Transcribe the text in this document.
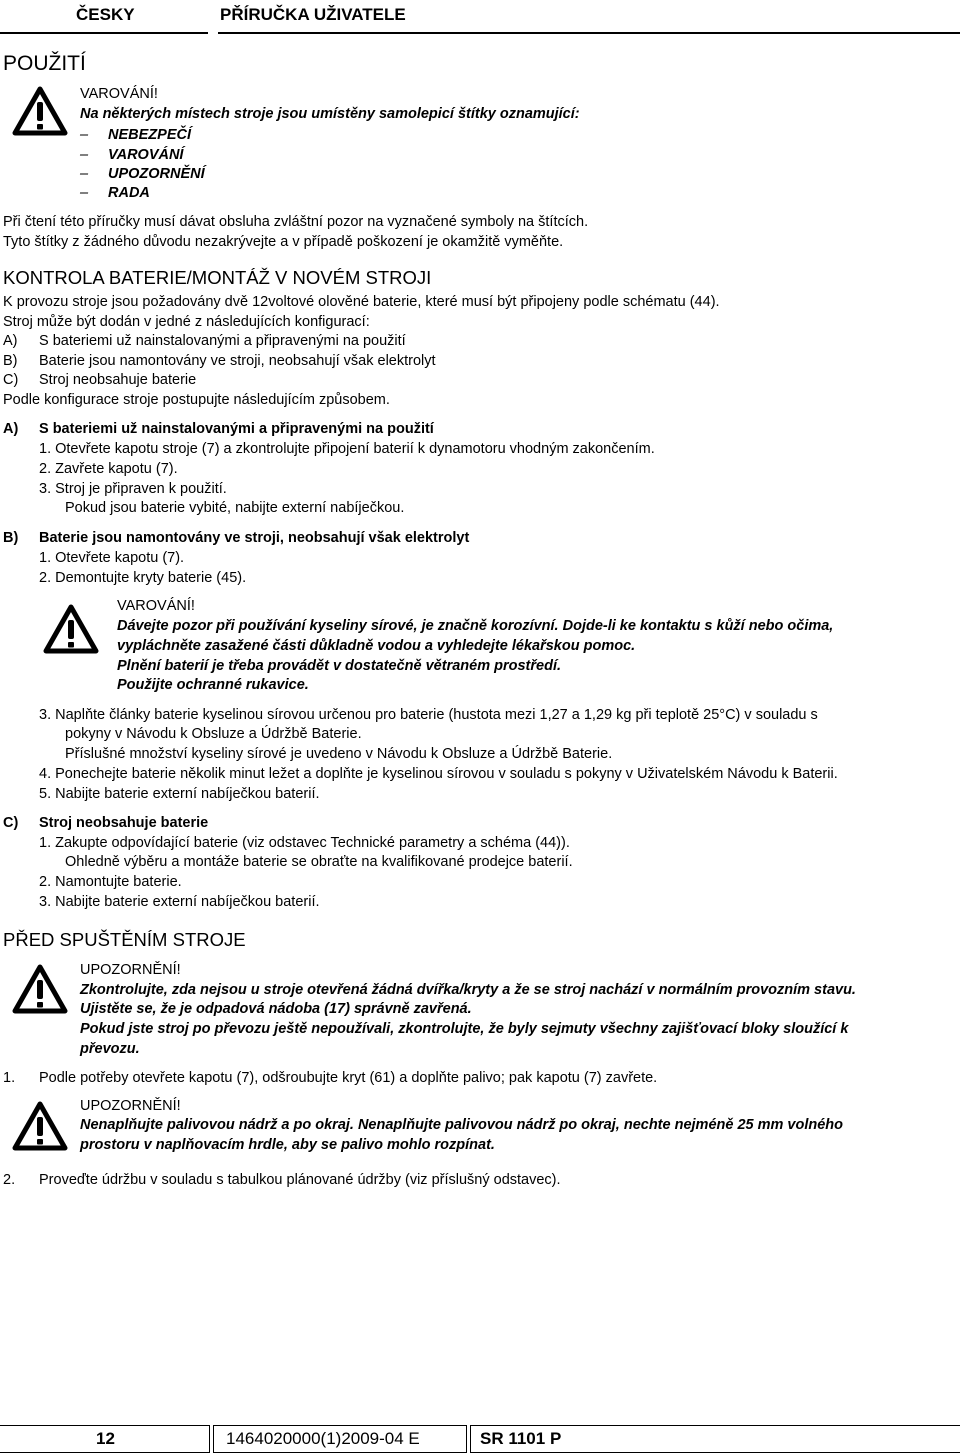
ČESKY	PŘÍRUČKA UŽIVATELE
POUŽITÍ
VAROVÁNÍ!
Na některých místech stroje jsou umístěny samolepicí štítky oznamující:
– NEBEZPEČÍ
– VAROVÁNÍ
– UPOZORNĚNÍ
– RADA
Při čtení této příručky musí dávat obsluha zvláštní pozor na vyznačené symboly na štítcích.
Tyto štítky z žádného důvodu nezakrývejte a v případě poškození je okamžitě vyměňte.
KONTROLA BATERIE/MONTÁŽ V NOVÉM STROJI
K provozu stroje jsou požadovány dvě 12voltové olověné baterie, které musí být připojeny podle schématu (44).
Stroj může být dodán v jedné z následujících konfigurací:
A) S bateriemi už nainstalovanými a připravenými na použití
B) Baterie jsou namontovány ve stroji, neobsahují však elektrolyt
C) Stroj neobsahuje baterie
Podle konfigurace stroje postupujte následujícím způsobem.
A) S bateriemi už nainstalovanými a připravenými na použití
1. Otevřete kapotu stroje (7) a zkontrolujte připojení baterií k dynamotoru vhodným zakončením.
2. Zavřete kapotu (7).
3. Stroj je připraven k použití.
Pokud jsou baterie vybité, nabijte externí nabíječkou.
B) Baterie jsou namontovány ve stroji, neobsahují však elektrolyt
1. Otevřete kapotu (7).
2. Demontujte kryty baterie (45).
VAROVÁNÍ!
Dávejte pozor při používání kyseliny sírové, je značně korozívní. Dojde-li ke kontaktu s kůží nebo očima,
vypláchněte zasažené části důkladně vodou a vyhledejte lékařskou pomoc.
Plnění baterií je třeba provádět v dostatečně větraném prostředí.
Použijte ochranné rukavice.
3. Naplňte články baterie kyselinou sírovou určenou pro baterie (hustota mezi 1,27 a 1,29 kg při teplotě 25°C) v souladu s
pokyny v Návodu k Obsluze a Údržbě Baterie.
Příslušné množství kyseliny sírové je uvedeno v Návodu k Obsluze a Údržbě Baterie.
4. Ponechejte baterie několik minut ležet a doplňte je kyselinou sírovou v souladu s pokyny v Uživatelském Návodu k Baterii.
5. Nabijte baterie externí nabíječkou baterií.
C) Stroj neobsahuje baterie
1. Zakupte odpovídající baterie (viz odstavec Technické parametry a schéma (44)).
Ohledně výběru a montáže baterie se obraťte na kvalifikované prodejce baterií.
2. Namontujte baterie.
3. Nabijte baterie externí nabíječkou baterií.
PŘED SPUŠTĚNÍM STROJE
UPOZORNĚNÍ!
Zkontrolujte, zda nejsou u stroje otevřená žádná dvířka/kryty a že se stroj nachází v normálním provozním stavu.
Ujistěte se, že je odpadová nádoba (17) správně zavřená.
Pokud jste stroj po převozu ještě nepoužívali, zkontrolujte, že byly sejmuty všechny zajišťovací bloky sloužící k
převozu.
1. Podle potřeby otevřete kapotu (7), odšroubujte kryt (61) a doplňte palivo; pak kapotu (7) zavřete.
UPOZORNĚNÍ!
Nenaplňujte palivovou nádrž a po okraj. Nenaplňujte palivovou nádrž po okraj, nechte nejméně 25 mm volného
prostoru v naplňovacím hrdle, aby se palivo mohlo rozpínat.
2. Proveďte údržbu v souladu s tabulkou plánované údržby (viz příslušný odstavec).
12	1464020000(1)2009-04 E	SR 1101 P
